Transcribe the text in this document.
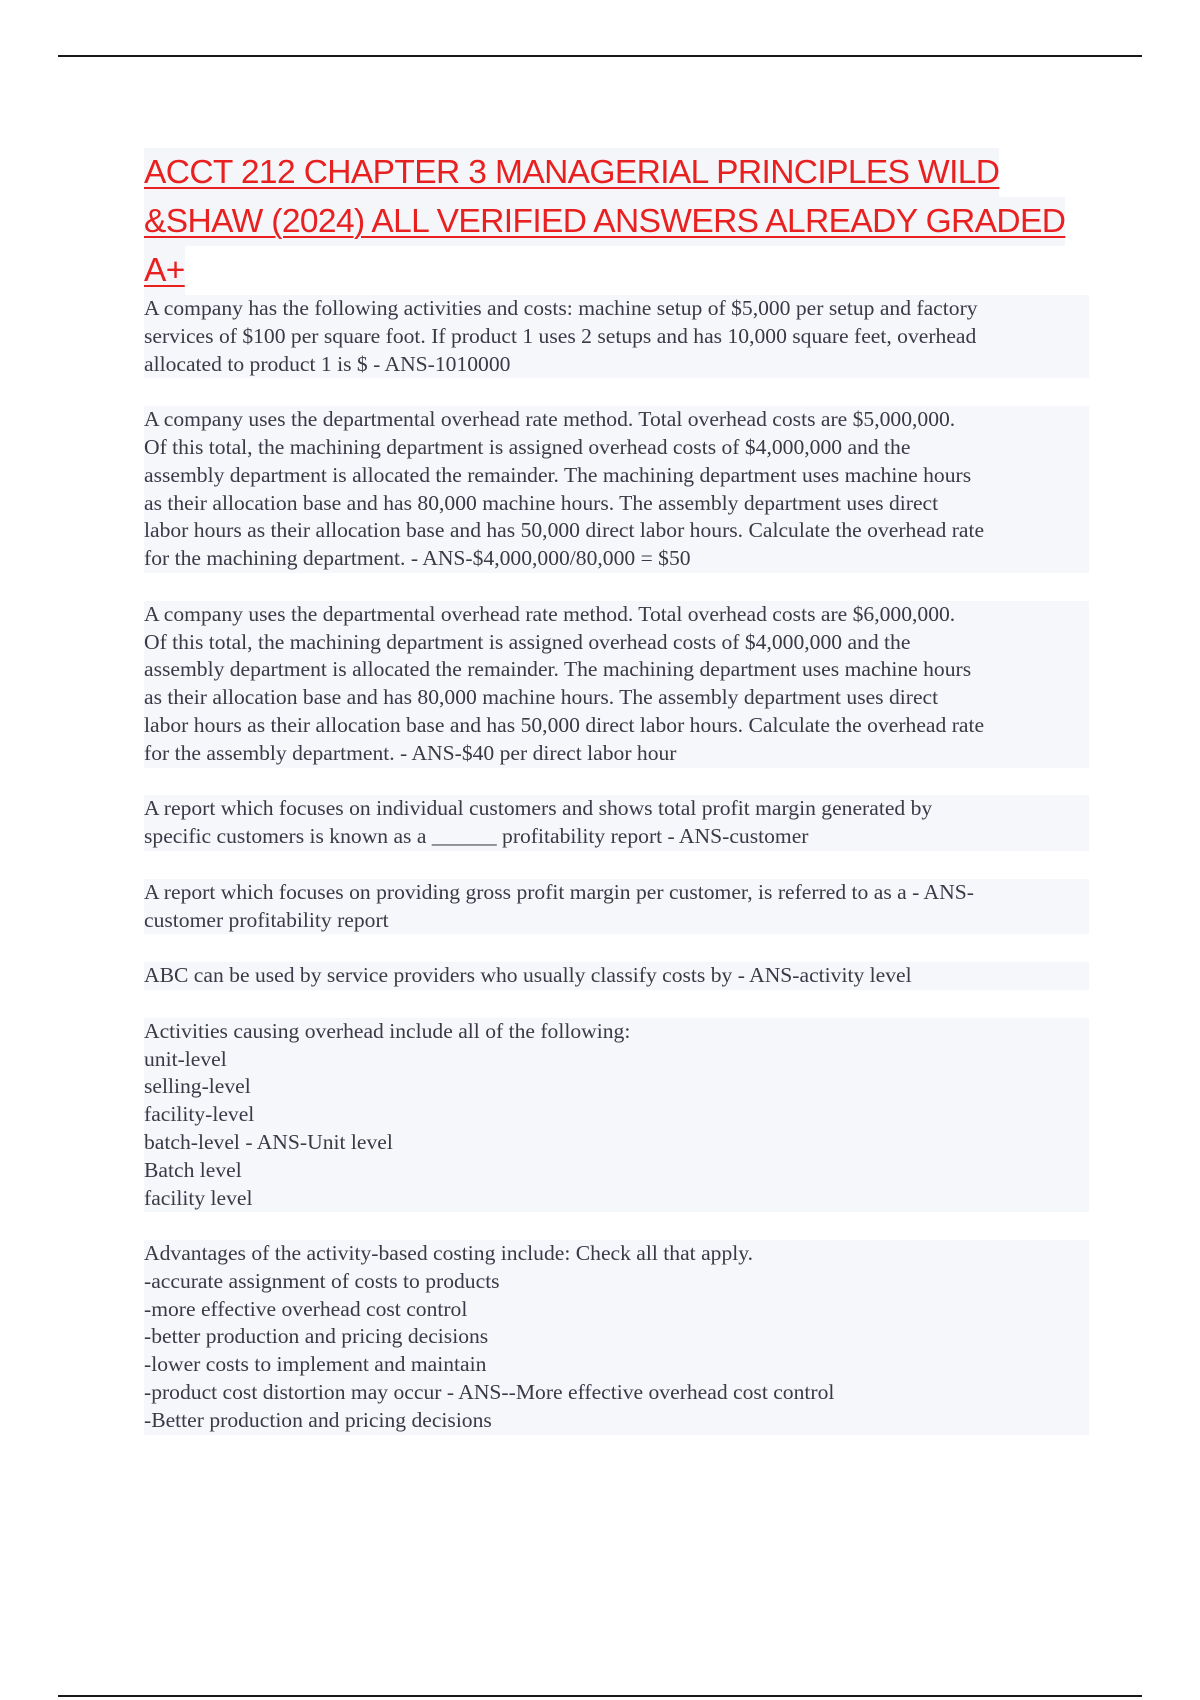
ACCT 212 CHAPTER 3 MANAGERIAL PRINCIPLES WILD
&SHAW (2024) ALL VERIFIED ANSWERS ALREADY GRADED
A+

A company has the following activities and costs: machine setup of $5,000 per setup and factory
services of $100 per square foot. If product 1 uses 2 setups and has 10,000 square feet, overhead
allocated to product 1 is $ - ANS-1010000

A company uses the departmental overhead rate method. Total overhead costs are $5,000,000.
Of this total, the machining department is assigned overhead costs of $4,000,000 and the
assembly department is allocated the remainder. The machining department uses machine hours
as their allocation base and has 80,000 machine hours. The assembly department uses direct
labor hours as their allocation base and has 50,000 direct labor hours. Calculate the overhead rate
for the machining department. - ANS-$4,000,000/80,000 = $50

A company uses the departmental overhead rate method. Total overhead costs are $6,000,000.
Of this total, the machining department is assigned overhead costs of $4,000,000 and the
assembly department is allocated the remainder. The machining department uses machine hours
as their allocation base and has 80,000 machine hours. The assembly department uses direct
labor hours as their allocation base and has 50,000 direct labor hours. Calculate the overhead rate
for the assembly department. - ANS-$40 per direct labor hour

A report which focuses on individual customers and shows total profit margin generated by
specific customers is known as a ______ profitability report - ANS-customer

A report which focuses on providing gross profit margin per customer, is referred to as a - ANS-
customer profitability report

ABC can be used by service providers who usually classify costs by - ANS-activity level

Activities causing overhead include all of the following:
unit-level
selling-level
facility-level
batch-level - ANS-Unit level
Batch level
facility level

Advantages of the activity-based costing include: Check all that apply.
-accurate assignment of costs to products
-more effective overhead cost control
-better production and pricing decisions
-lower costs to implement and maintain
-product cost distortion may occur - ANS--More effective overhead cost control
-Better production and pricing decisions
